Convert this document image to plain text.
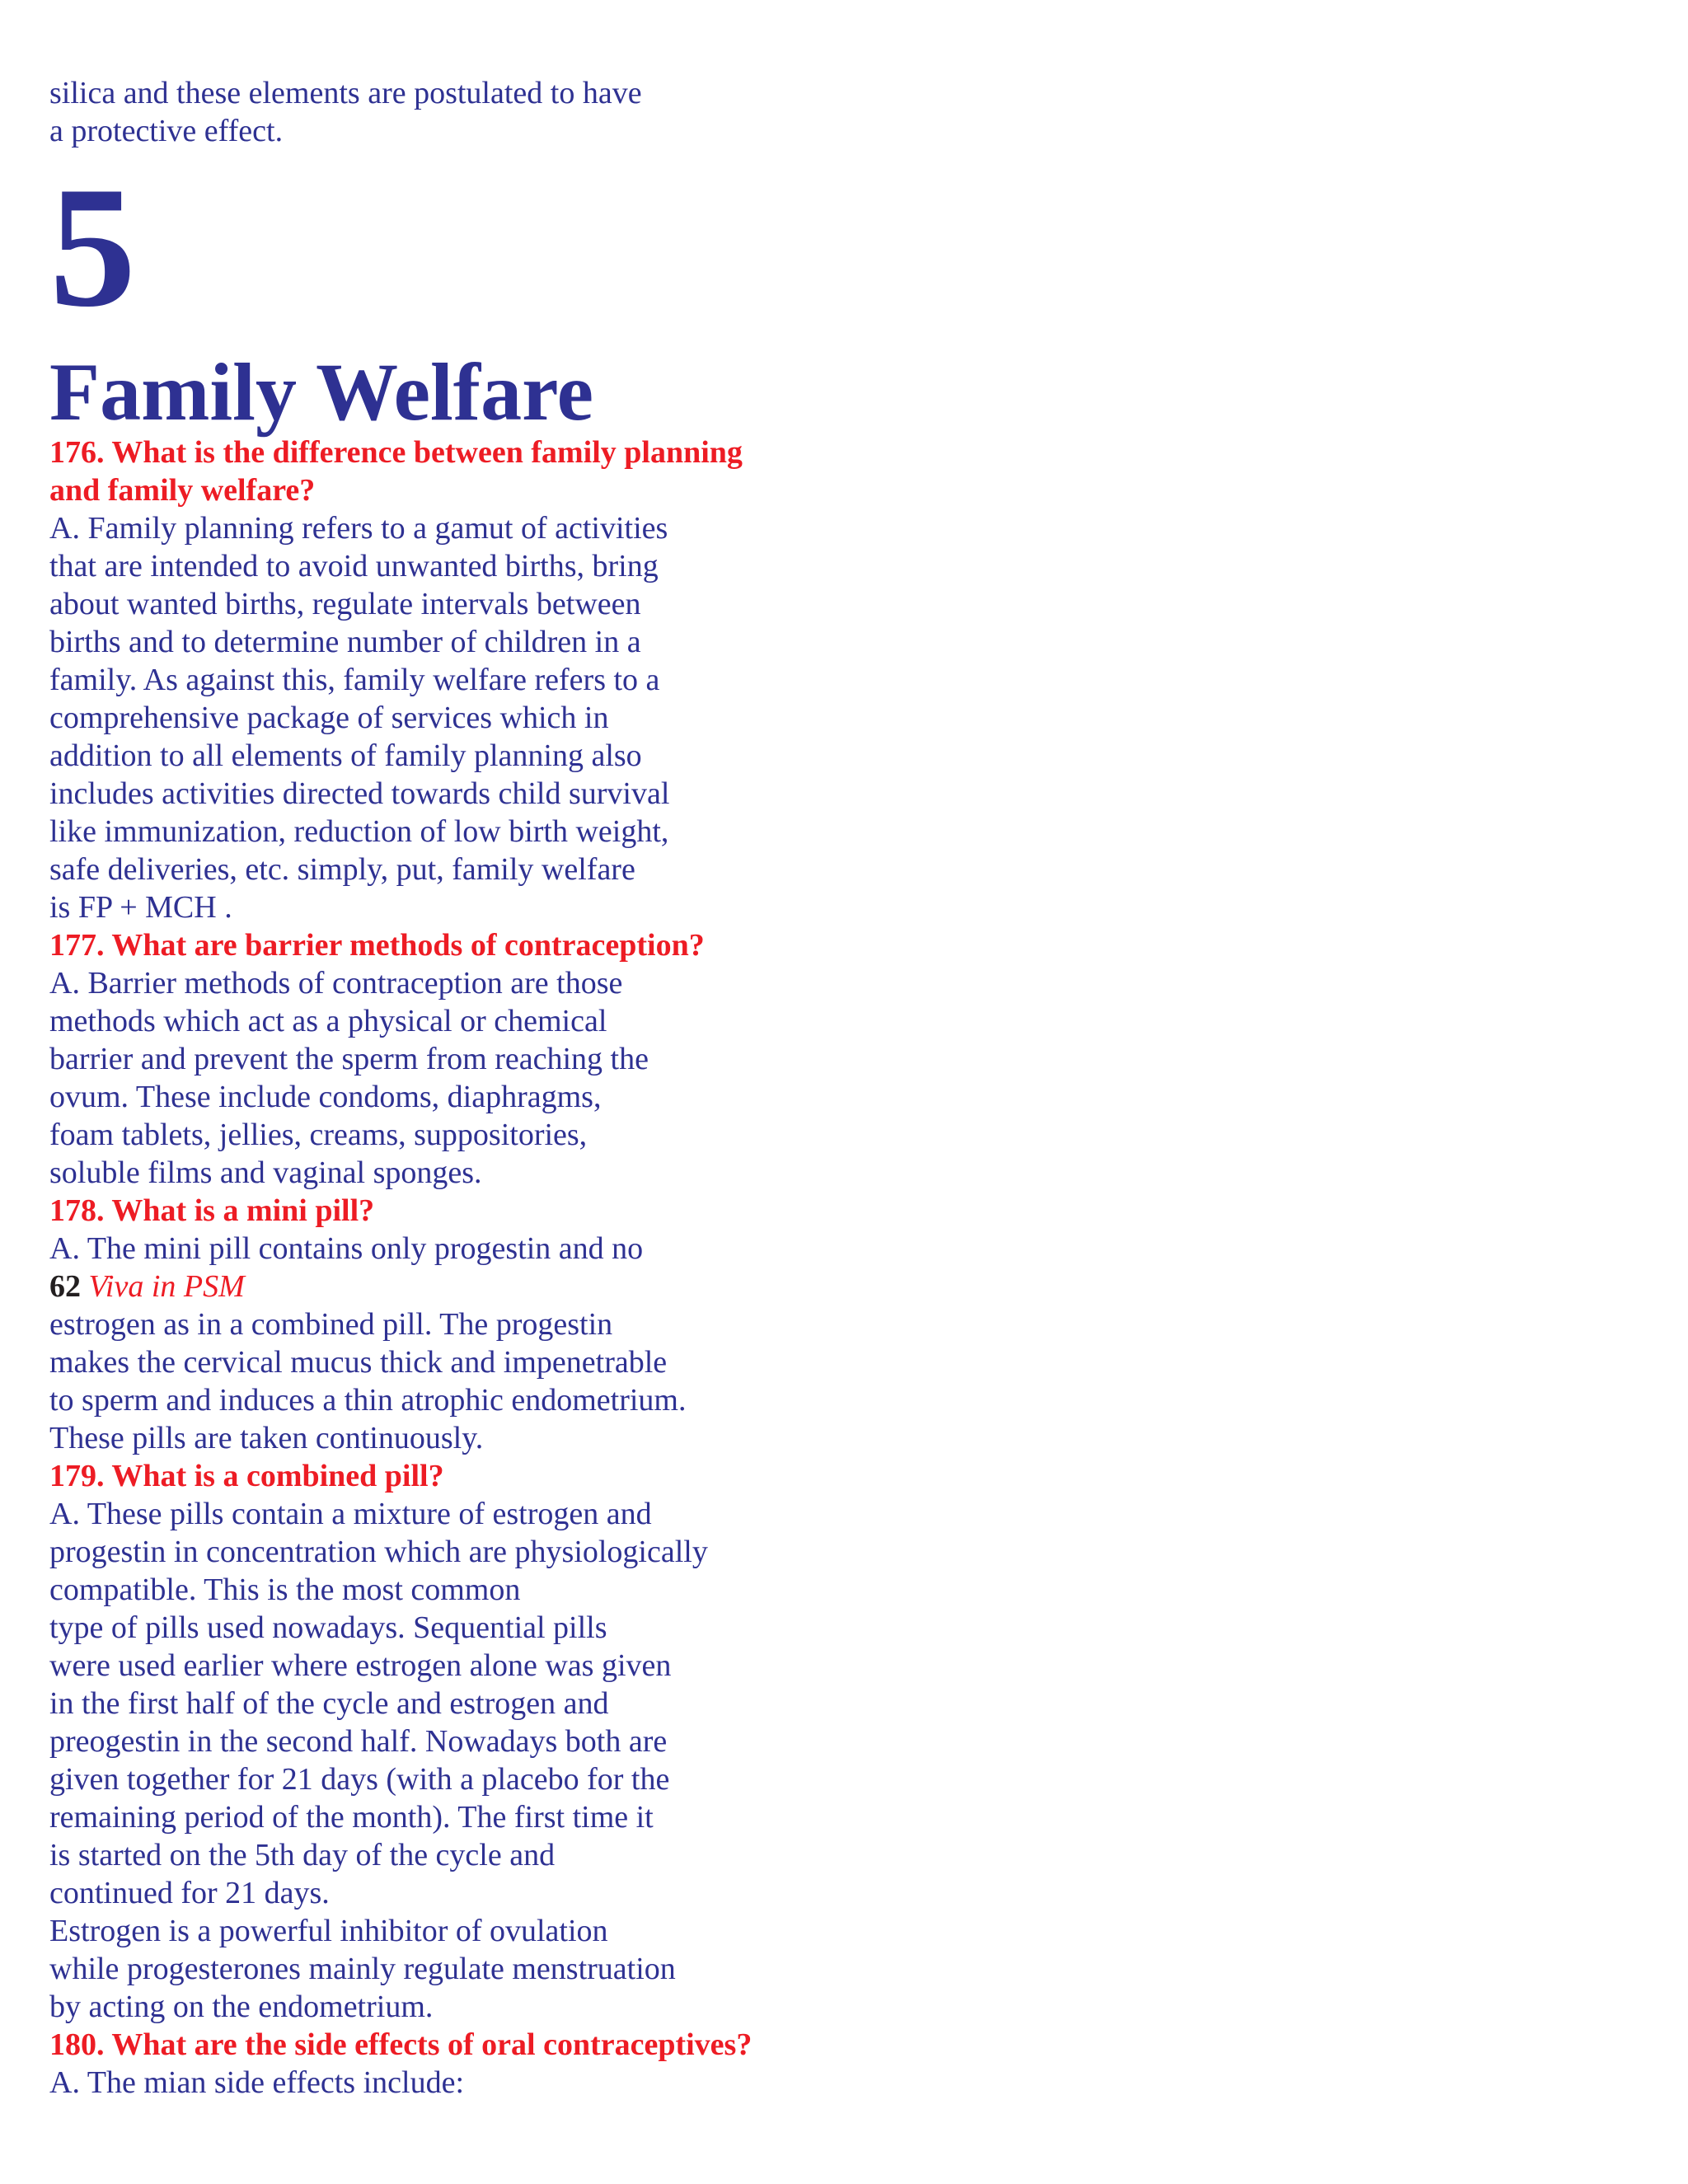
silica and these elements are postulated to have
a protective effect.
5
Family Welfare
176. What is the difference between family planning
and family welfare?
A. Family planning refers to a gamut of activities
that are intended to avoid unwanted births, bring
about wanted births, regulate intervals between
births and to determine number of children in a
family. As against this, family welfare refers to a
comprehensive package of services which in
addition to all elements of family planning also
includes activities directed towards child survival
like immunization, reduction of low birth weight,
safe deliveries, etc. simply, put, family welfare
is FP + MCH .
177. What are barrier methods of contraception?
A. Barrier methods of contraception are those
methods which act as a physical or chemical
barrier and prevent the sperm from reaching the
ovum. These include condoms, diaphragms,
foam tablets, jellies, creams, suppositories,
soluble films and vaginal sponges.
178. What is a mini pill?
A. The mini pill contains only progestin and no
62 Viva in PSM
estrogen as in a combined pill. The progestin
makes the cervical mucus thick and impenetrable
to sperm and induces a thin atrophic endometrium.
These pills are taken continuously.
179. What is a combined pill?
A. These pills contain a mixture of estrogen and
progestin in concentration which are physiologically
compatible. This is the most common
type of pills used nowadays. Sequential pills
were used earlier where estrogen alone was given
in the first half of the cycle and estrogen and
preogestin in the second half. Nowadays both are
given together for 21 days (with a placebo for the
remaining period of the month). The first time it
is started on the 5th day of the cycle and
continued for 21 days.
Estrogen is a powerful inhibitor of ovulation
while progesterones mainly regulate menstruation
by acting on the endometrium.
180. What are the side effects of oral contraceptives?
A. The mian side effects include:
